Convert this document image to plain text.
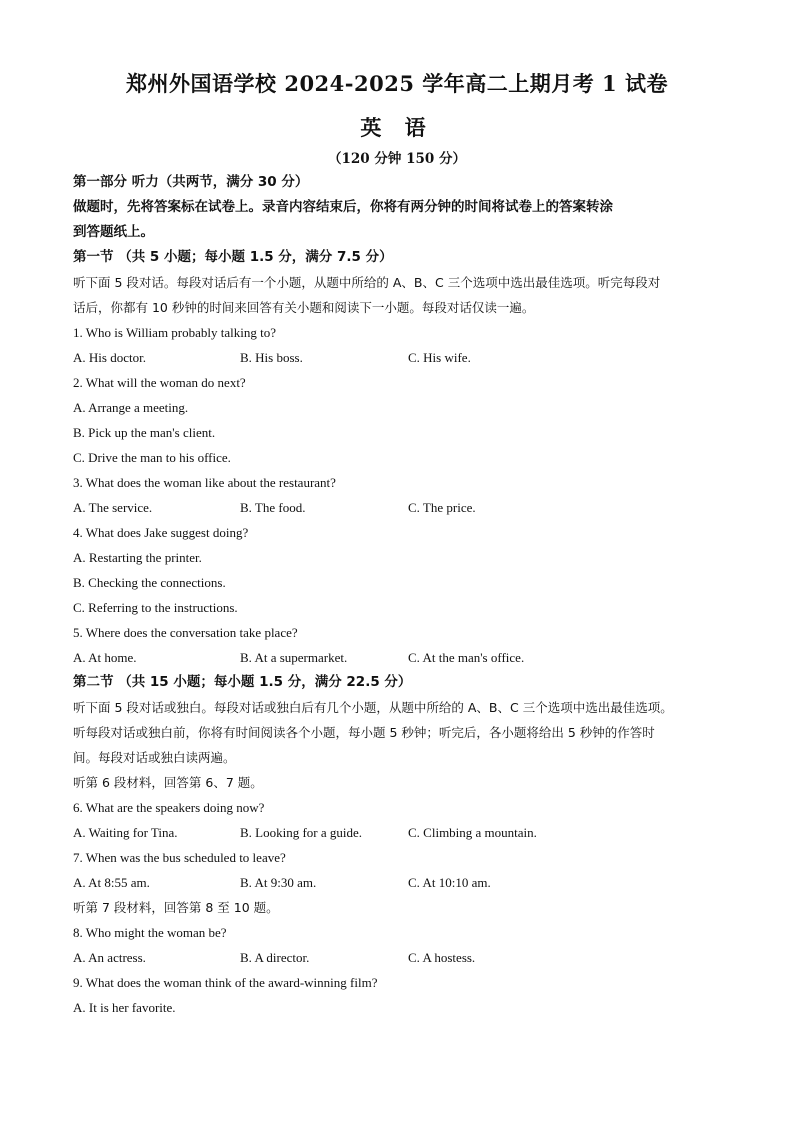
郑州外国语学校 2024-2025 学年高二上期月考 1 试卷
英 语
（120 分钟 150 分）
第一部分 听力（共两节，满分 30 分）
做题时，先将答案标在试卷上。录音内容结束后，你将有两分钟的时间将试卷上的答案转涂
到答题纸上。
第一节 （共 5 小题；每小题 1.5 分，满分 7.5 分）
听下面 5 段对话。每段对话后有一个小题，从题中所给的 A、B、C 三个选项中选出最佳选项。听完每段对
话后，你都有 10 秒钟的时间来回答有关小题和阅读下一小题。每段对话仅读一遍。
1. Who is William probably talking to?
A. His doctor.	B. His boss.	C. His wife.
2. What will the woman do next?
A. Arrange a meeting.
B. Pick up the man's client.
C. Drive the man to his office.
3. What does the woman like about the restaurant?
A. The service.	B. The food.	C. The price.
4. What does Jake suggest doing?
A. Restarting the printer.
B. Checking the connections.
C. Referring to the instructions.
5. Where does the conversation take place?
A. At home.	B. At a supermarket.	C. At the man's office.
第二节 （共 15 小题；每小题 1.5 分，满分 22.5 分）
听下面 5 段对话或独白。每段对话或独白后有几个小题，从题中所给的 A、B、C 三个选项中选出最佳选项。
听每段对话或独白前，你将有时间阅读各个小题，每小题 5 秒钟；听完后，各小题将给出 5 秒钟的作答时
间。每段对话或独白读两遍。
听第 6 段材料，回答第 6、7 题。
6. What are the speakers doing now?
A. Waiting for Tina.	B. Looking for a guide.	C. Climbing a mountain.
7. When was the bus scheduled to leave?
A. At 8:55 am.	B. At 9:30 am.	C. At 10:10 am.
听第 7 段材料，回答第 8 至 10 题。
8. Who might the woman be?
A. An actress.	B. A director.	C. A hostess.
9. What does the woman think of the award-winning film?
A. It is her favorite.
